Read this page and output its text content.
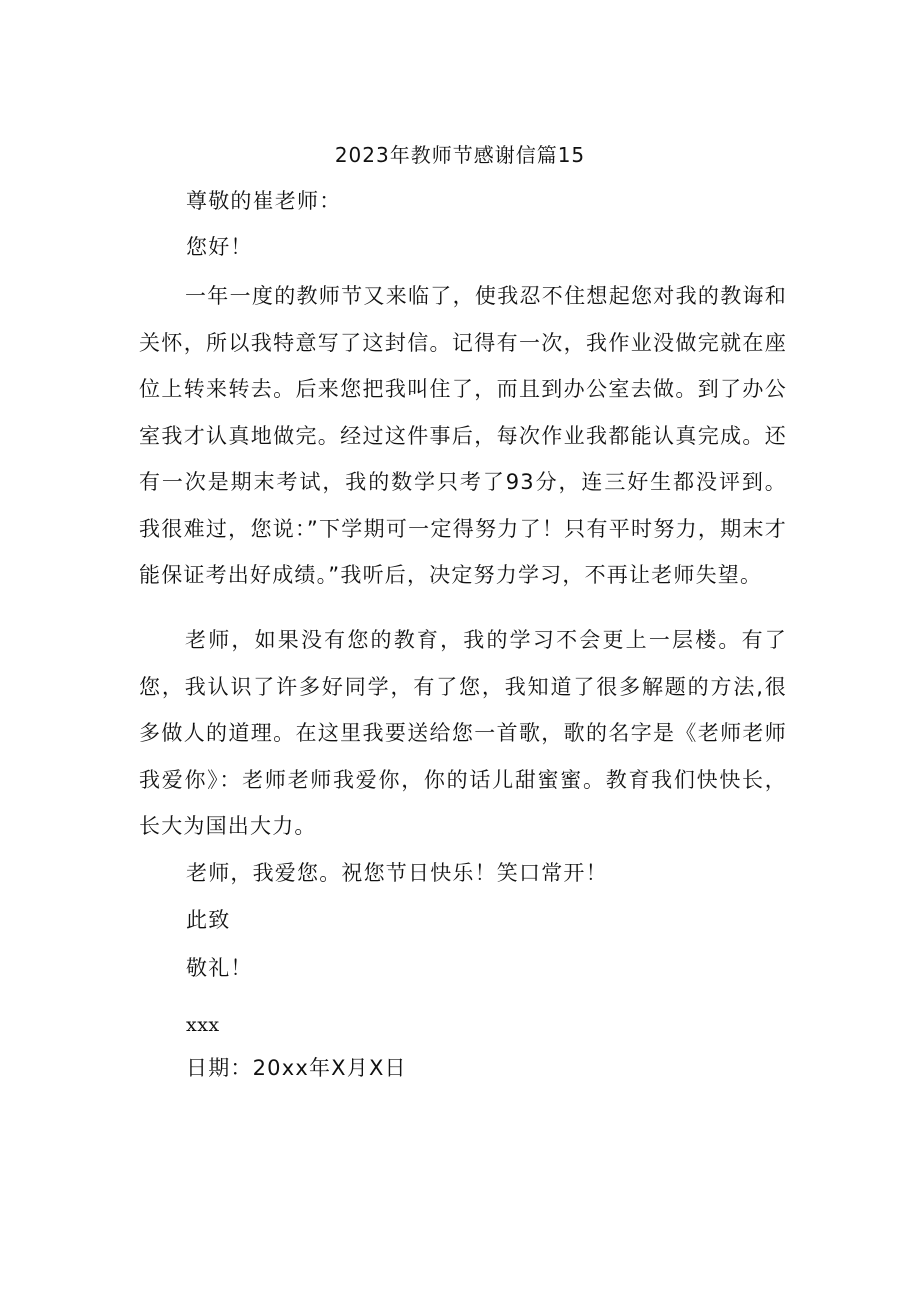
2023年教师节感谢信篇15
尊敬的崔老师：
您好！

一年一度的教师节又来临了，使我忍不住想起您对我的教诲和关怀，所以我特意写了这封信。记得有一次，我作业没做完就在座位上转来转去。后来您把我叫住了，而且到办公室去做。到了办公室我才认真地做完。经过这件事后，每次作业我都能认真完成。还有一次是期末考试，我的数学只考了93分，连三好生都没评到。我很难过，您说：”下学期可一定得努力了！只有平时努力，期末才能保证考出好成绩。”我听后，决定努力学习，不再让老师失望。

老师，如果没有您的教育，我的学习不会更上一层楼。有了您，我认识了许多好同学，有了您，我知道了很多解题的方法,很多做人的道理。在这里我要送给您一首歌，歌的名字是《老师老师我爱你》：老师老师我爱你，你的话儿甜蜜蜜。教育我们快快长，长大为国出大力。

老师，我爱您。祝您节日快乐！笑口常开！
此致
敬礼！
xxx
日期：20xx年X月X日
